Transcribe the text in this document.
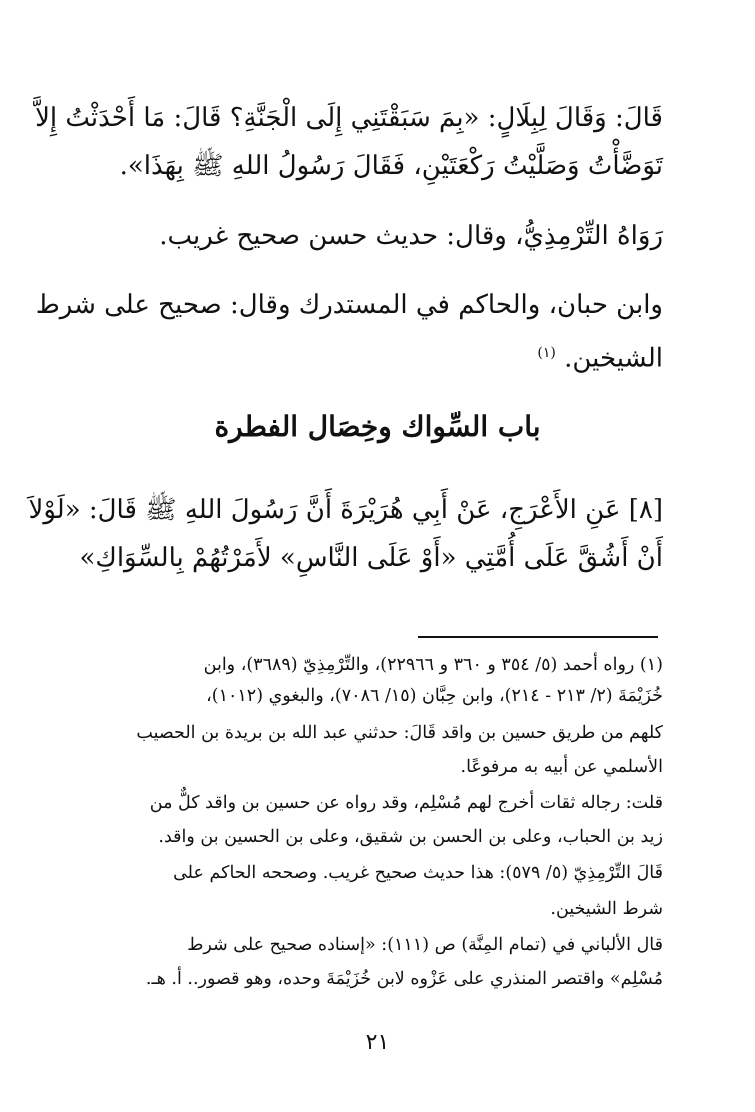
قَالَ: وَقَالَ لِبِلَالٍ: «بِمَ سَبَقْتَنِي إِلَى الْجَنَّةِ؟ قَالَ: مَا أَحْدَثْتُ إِلاَّ

تَوَضَّأْتُ وَصَلَّيْتُ رَكْعَتَيْنِ، فَقَالَ رَسُولُ اللهِ ﷺ بِهَذَا».

رَوَاهُ التِّرْمِذِيُّ، وقال: حديث حسن صحيح غريب.

وابن حبان، والحاكم في المستدرك وقال: صحيح على شرط

الشيخين. $^{(١)}$

باب السِّواك وخِصَال الفطرة

[٨] عَنِ الأَعْرَجِ، عَنْ أَبِي هُرَيْرَةَ أَنَّ رَسُولَ اللهِ ﷺ قَالَ: «لَوْلاَ

أَنْ أَشُقَّ عَلَى أُمَّتِي «أَوْ عَلَى النَّاسِ» لأَمَرْتُهُمْ بِالسِّوَاكِ»

(١) رواه أحمد (٥/ ٣٥٤ و ٣٦٠ و ٢٢٩٦٦)، والتِّرْمِذِيّ (٣٦٨٩)، وابن

خُزَيْمَةَ (٢/ ٢١٣ - ٢١٤)، وابن حِبَّان (١٥/ ٧٠٨٦)، والبغوي (١٠١٢)،

كلهم من طريق حسين بن واقد قَالَ: حدثني عبد الله بن بريدة بن الحصيب

الأسلمي عن أبيه به مرفوعًا.

قلت: رجاله ثقات أخرج لهم مُسْلِم، وقد رواه عن حسين بن واقد كلٌّ من

زيد بن الحباب، وعلى بن الحسن بن شقيق، وعلى بن الحسين بن واقد.

قَالَ التِّرْمِذِيّ (٥/ ٥٧٩): هذا حديث صحيح غريب. وصححه الحاكم على

شرط الشيخين.

قال الألباني في (تمام المِنَّة) ص (١١١): «إسناده صحيح على شرط

مُسْلِم» واقتصر المنذري على عَزْوه لابن خُزَيْمَةَ وحده، وهو قصور.. أ. هـ.

٢١
